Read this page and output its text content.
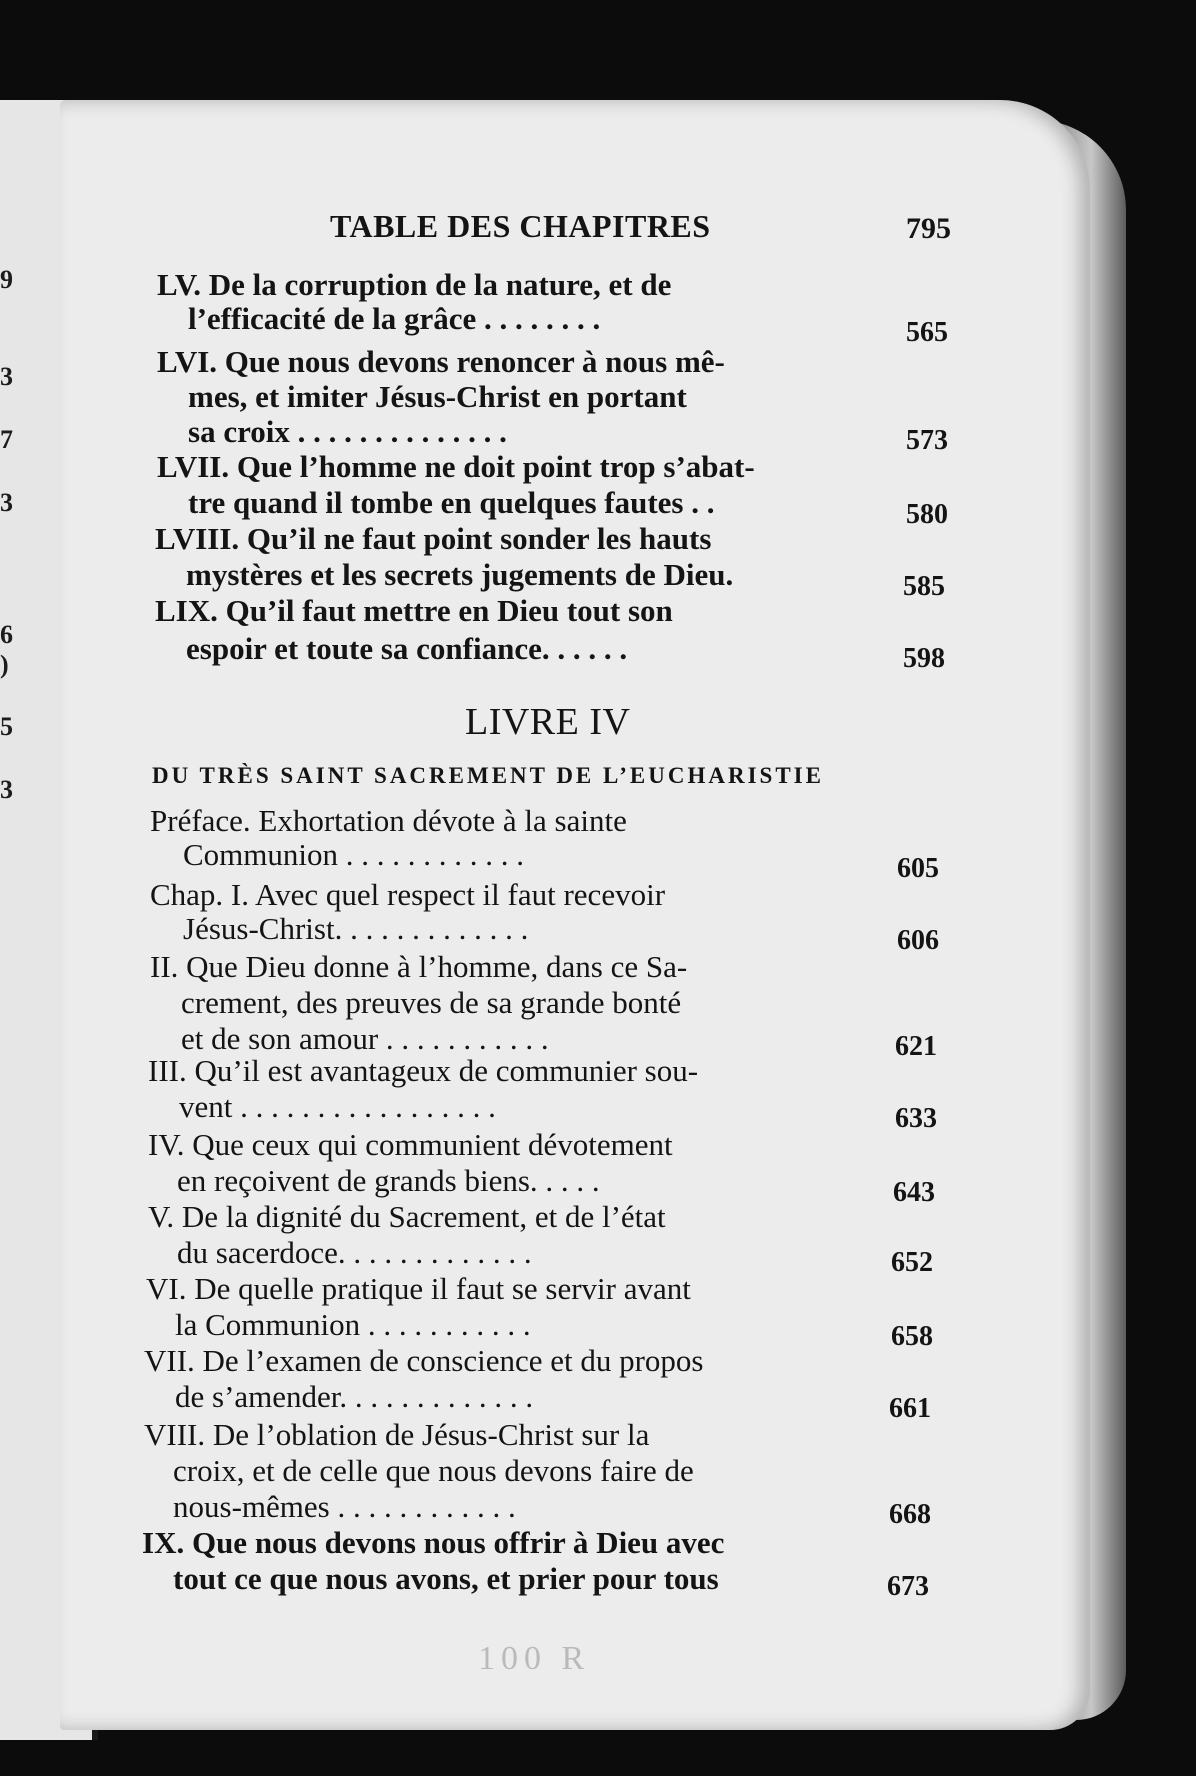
9
3
7
3
6
)
5
3
TABLE DES CHAPITRES	795
LV. De la corruption de la nature, et de
l’efficacité de la grâce . . . . . . . .	565
LVI. Que nous devons renoncer à nous mê-
mes, et imiter Jésus-Christ en portant
sa croix . . . . . . . . . . . . . .	573
LVII. Que l’homme ne doit point trop s’abat-
tre quand il tombe en quelques fautes . .	580
LVIII. Qu’il ne faut point sonder les hauts
mystères et les secrets jugements de Dieu.	585
LIX. Qu’il faut mettre en Dieu tout son
espoir et toute sa confiance. . . . . .	598
LIVRE IV
DU TRÈS SAINT SACREMENT DE L’EUCHARISTIE
Préface. Exhortation dévote à la sainte
Communion . . . . . . . . . . . .	605
Chap. I. Avec quel respect il faut recevoir
Jésus-Christ. . . . . . . . . . . . .	606
II. Que Dieu donne à l’homme, dans ce Sa-
crement, des preuves de sa grande bonté
et de son amour . . . . . . . . . . .	621
III. Qu’il est avantageux de communier sou-
vent . . . . . . . . . . . . . . . . .	633
IV. Que ceux qui communient dévotement
en reçoivent de grands biens. . . . .	643
V. De la dignité du Sacrement, et de l’état
du sacerdoce. . . . . . . . . . . . .	652
VI. De quelle pratique il faut se servir avant
la Communion . . . . . . . . . . .	658
VII. De l’examen de conscience et du propos
de s’amender. . . . . . . . . . . . .	661
VIII. De l’oblation de Jésus-Christ sur la
croix, et de celle que nous devons faire de
nous-mêmes . . . . . . . . . . . .	668
IX. Que nous devons nous offrir à Dieu avec
tout ce que nous avons, et prier pour tous	673
100 R
